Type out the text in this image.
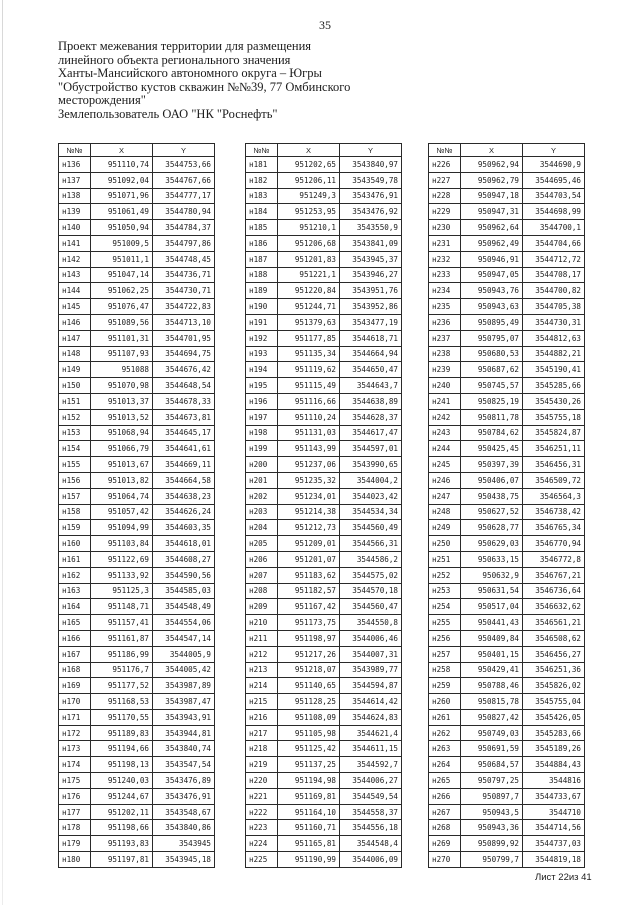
35
Проект межевания территории для размещения
линейного объекта регионального значения
Ханты-Мансийского автономного округа – Югры
"Обустройство кустов скважин №№39, 77 Омбинского
месторождения"
Землепользователь ОАО "НК "Роснефть"
№№	X	Y
н136	951110,74	3544753,66
н137	951092,04	3544767,66
н138	951071,96	3544777,17
н139	951061,49	3544780,94
н140	951050,94	3544784,37
н141	951009,5	3544797,86
н142	951011,1	3544748,45
н143	951047,14	3544736,71
н144	951062,25	3544730,71
н145	951076,47	3544722,83
н146	951089,56	3544713,10
н147	951101,31	3544701,95
н148	951107,93	3544694,75
н149	951088	3544676,42
н150	951070,98	3544648,54
н151	951013,37	3544678,33
н152	951013,52	3544673,81
н153	951068,94	3544645,17
н154	951066,79	3544641,61
н155	951013,67	3544669,11
н156	951013,82	3544664,58
н157	951064,74	3544638,23
н158	951057,42	3544626,24
н159	951094,99	3544603,35
н160	951103,84	3544618,01
н161	951122,69	3544608,27
н162	951133,92	3544590,56
н163	951125,3	3544585,03
н164	951148,71	3544548,49
н165	951157,41	3544554,06
н166	951161,87	3544547,14
н167	951186,99	3544005,9
н168	951176,7	3544005,42
н169	951177,52	3543987,89
н170	951168,53	3543987,47
н171	951170,55	3543943,91
н172	951189,83	3543944,81
н173	951194,66	3543840,74
н174	951198,13	3543547,54
н175	951240,03	3543476,89
н176	951244,67	3543476,91
н177	951202,11	3543548,67
н178	951198,66	3543840,86
н179	951193,83	3543945
н180	951197,81	3543945,18
№№	X	Y
н181	951202,65	3543840,97
н182	951206,11	3543549,78
н183	951249,3	3543476,91
н184	951253,95	3543476,92
н185	951210,1	3543550,9
н186	951206,68	3543841,09
н187	951201,83	3543945,37
н188	951221,1	3543946,27
н189	951220,84	3543951,76
н190	951244,71	3543952,86
н191	951379,63	3543477,19
н192	951177,85	3544618,71
н193	951135,34	3544664,94
н194	951119,62	3544650,47
н195	951115,49	3544643,7
н196	951116,66	3544638,89
н197	951110,24	3544628,37
н198	951131,03	3544617,47
н199	951143,99	3544597,01
н200	951237,06	3543990,65
н201	951235,32	3544004,2
н202	951234,01	3544023,42
н203	951214,38	3544534,34
н204	951212,73	3544560,49
н205	951209,01	3544566,31
н206	951201,07	3544586,2
н207	951183,62	3544575,02
н208	951182,57	3544570,18
н209	951167,42	3544560,47
н210	951173,75	3544550,8
н211	951198,97	3544006,46
н212	951217,26	3544007,31
н213	951218,07	3543989,77
н214	951140,65	3544594,87
н215	951128,25	3544614,42
н216	951108,09	3544624,83
н217	951105,98	3544621,4
н218	951125,42	3544611,15
н219	951137,25	3544592,7
н220	951194,98	3544006,27
н221	951169,81	3544549,54
н222	951164,10	3544558,37
н223	951160,71	3544556,18
н224	951165,81	3544548,4
н225	951190,99	3544006,09
№№	X	Y
н226	950962,94	3544690,9
н227	950962,79	3544695,46
н228	950947,18	3544703,54
н229	950947,31	3544698,99
н230	950962,64	3544700,1
н231	950962,49	3544704,66
н232	950946,91	3544712,72
н233	950947,05	3544708,17
н234	950943,76	3544700,82
н235	950943,63	3544705,38
н236	950895,49	3544730,31
н237	950795,07	3544812,63
н238	950680,53	3544882,21
н239	950687,62	3545190,41
н240	950745,57	3545285,66
н241	950825,19	3545430,26
н242	950811,78	3545755,18
н243	950784,62	3545824,87
н244	950425,45	3546251,11
н245	950397,39	3546456,31
н246	950406,07	3546509,72
н247	950438,75	3546564,3
н248	950627,52	3546738,42
н249	950628,77	3546765,34
н250	950629,03	3546770,94
н251	950633,15	3546772,8
н252	950632,9	3546767,21
н253	950631,54	3546736,64
н254	950517,04	3546632,62
н255	950441,43	3546561,21
н256	950409,84	3546508,62
н257	950401,15	3546456,27
н258	950429,41	3546251,36
н259	950788,46	3545826,02
н260	950815,78	3545755,04
н261	950827,42	3545426,05
н262	950749,03	3545283,66
н263	950691,59	3545189,26
н264	950684,57	3544884,43
н265	950797,25	3544816
н266	950897,7	3544733,67
н267	950943,5	3544710
н268	950943,36	3544714,56
н269	950899,92	3544737,03
н270	950799,7	3544819,18
Лист 22из 41
